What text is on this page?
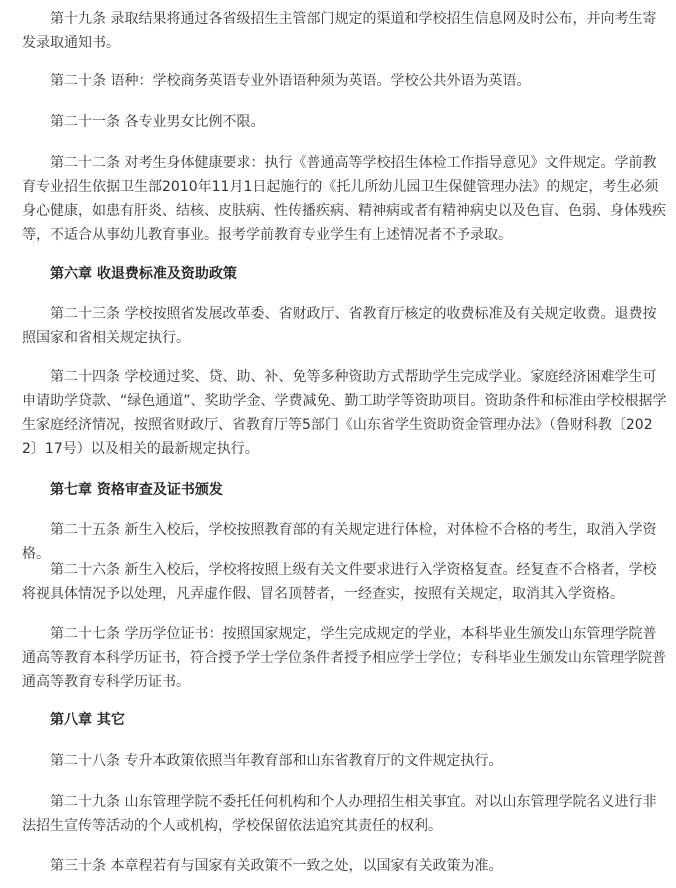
第十九条 录取结果将通过各省级招生主管部门规定的渠道和学校招生信息网及时公布，并向考生寄发录取通知书。

第二十条 语种：学校商务英语专业外语语种须为英语。学校公共外语为英语。

第二十一条 各专业男女比例不限。

第二十二条 对考生身体健康要求：执行《普通高等学校招生体检工作指导意见》文件规定。学前教育专业招生依据卫生部2010年11月1日起施行的《托儿所幼儿园卫生保健管理办法》的规定，考生必须身心健康，如患有肝炎、结核、皮肤病、性传播疾病、精神病或者有精神病史以及色盲、色弱、身体残疾等，不适合从事幼儿教育事业。报考学前教育专业学生有上述情况者不予录取。

第六章 收退费标准及资助政策

第二十三条 学校按照省发展改革委、省财政厅、省教育厅核定的收费标准及有关规定收费。退费按照国家和省相关规定执行。

第二十四条 学校通过奖、贷、助、补、免等多种资助方式帮助学生完成学业。家庭经济困难学生可申请助学贷款、“绿色通道”、奖助学金、学费减免、勤工助学等资助项目。资助条件和标准由学校根据学生家庭经济情况，按照省财政厅、省教育厅等5部门《山东省学生资助资金管理办法》（鲁财科教〔2022〕17号）以及相关的最新规定执行。

第七章 资格审查及证书颁发

第二十五条 新生入校后，学校按照教育部的有关规定进行体检，对体检不合格的考生，取消入学资格。

第二十六条 新生入校后，学校将按照上级有关文件要求进行入学资格复查。经复查不合格者，学校将视具体情况予以处理，凡弄虚作假、冒名顶替者，一经查实，按照有关规定，取消其入学资格。

第二十七条 学历学位证书：按照国家规定，学生完成规定的学业，本科毕业生颁发山东管理学院普通高等教育本科学历证书，符合授予学士学位条件者授予相应学士学位；专科毕业生颁发山东管理学院普通高等教育专科学历证书。

第八章 其它

第二十八条 专升本政策依照当年教育部和山东省教育厅的文件规定执行。

第二十九条 山东管理学院不委托任何机构和个人办理招生相关事宜。对以山东管理学院名义进行非法招生宣传等活动的个人或机构，学校保留依法追究其责任的权利。

第三十条 本章程若有与国家有关政策不一致之处，以国家有关政策为准。
